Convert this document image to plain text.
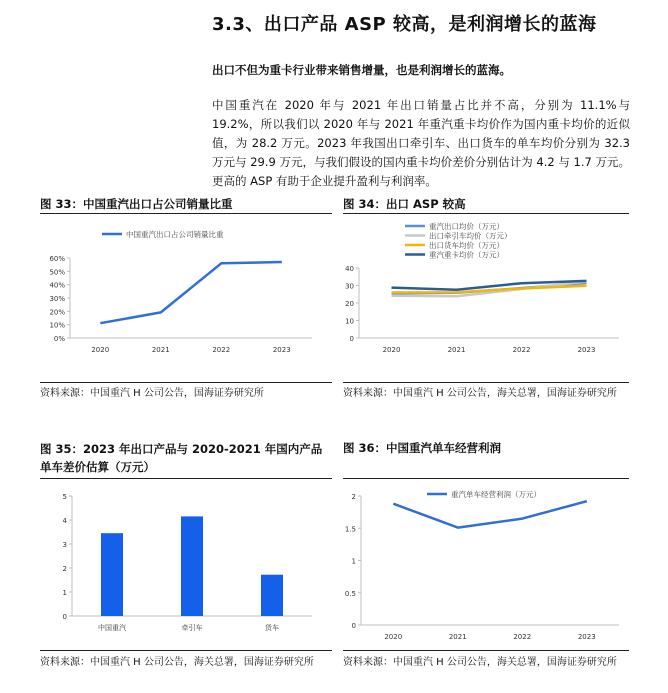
3.3、出口产品 ASP 较高，是利润增长的蓝海
出口不但为重卡行业带来销售增量，也是利润增长的蓝海。
中国重汽在 2020 年与 2021 年出口销量占比并不高，分别为 11.1%与 19.2%，所以我们以 2020 年与 2021 年重汽重卡均价作为国内重卡均价的近似值，为 28.2 万元。2023 年我国出口牵引车、出口货车的单车均价分别为 32.3 万元与 29.9 万元，与我们假设的国内重卡均价差价分别估计为 4.2 与 1.7 万元。更高的 ASP 有助于企业提升盈利与利润率。
图 33：中国重汽出口占公司销量比重
0%
10%
20%
30%
40%
50%
60%
2020	2021	2022	2023
中国重汽出口占公司销量比重
资料来源：中国重汽 H 公司公告，国海证券研究所
图 34：出口 ASP 较高
0
10
20
30
40
2020	2021	2022	2023
重汽出口均价（万元）
出口牵引车均价（万元）
出口货车均价（万元）
重汽重卡均价（万元）
资料来源：中国重汽 H 公司公告，海关总署，国海证券研究所
图 35：2023 年出口产品与 2020-2021 年国内产品单车差价估算（万元）
0
1
2
3
4
5
中国重汽	牵引车	货车
资料来源：中国重汽 H 公司公告，海关总署，国海证券研究所
图 36：中国重汽单车经营利润
0
0.5
1
1.5
2
2020	2021	2022	2023
重汽单车经营利润（万元）
资料来源：中国重汽 H 公司公告，海关总署，国海证券研究所
